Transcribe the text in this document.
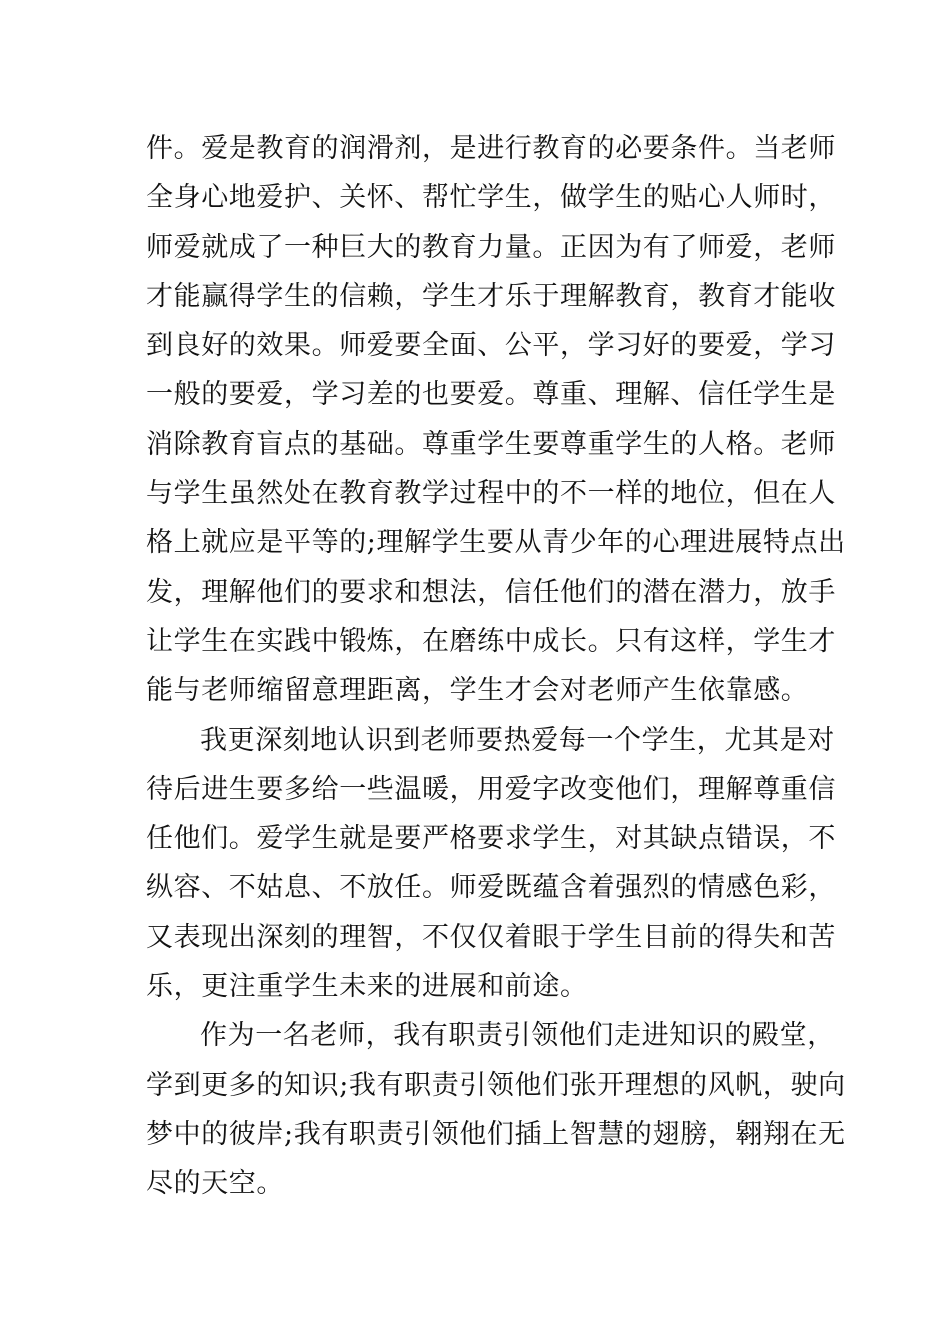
件。爱是教育的润滑剂，是进行教育的必要条件。当老师
全身心地爱护、关怀、帮忙学生，做学生的贴心人师时，
师爱就成了一种巨大的教育力量。正因为有了师爱，老师
才能赢得学生的信赖，学生才乐于理解教育，教育才能收
到良好的效果。师爱要全面、公平，学习好的要爱，学习
一般的要爱，学习差的也要爱。尊重、理解、信任学生是
消除教育盲点的基础。尊重学生要尊重学生的人格。老师
与学生虽然处在教育教学过程中的不一样的地位，但在人
格上就应是平等的;理解学生要从青少年的心理进展特点出
发，理解他们的要求和想法，信任他们的潜在潜力，放手
让学生在实践中锻炼，在磨练中成长。只有这样，学生才
能与老师缩留意理距离，学生才会对老师产生依靠感。
我更深刻地认识到老师要热爱每一个学生，尤其是对
待后进生要多给一些温暖，用爱字改变他们，理解尊重信
任他们。爱学生就是要严格要求学生，对其缺点错误，不
纵容、不姑息、不放任。师爱既蕴含着强烈的情感色彩，
又表现出深刻的理智，不仅仅着眼于学生目前的得失和苦
乐，更注重学生未来的进展和前途。
作为一名老师，我有职责引领他们走进知识的殿堂，
学到更多的知识;我有职责引领他们张开理想的风帆，驶向
梦中的彼岸;我有职责引领他们插上智慧的翅膀，翱翔在无
尽的天空。
